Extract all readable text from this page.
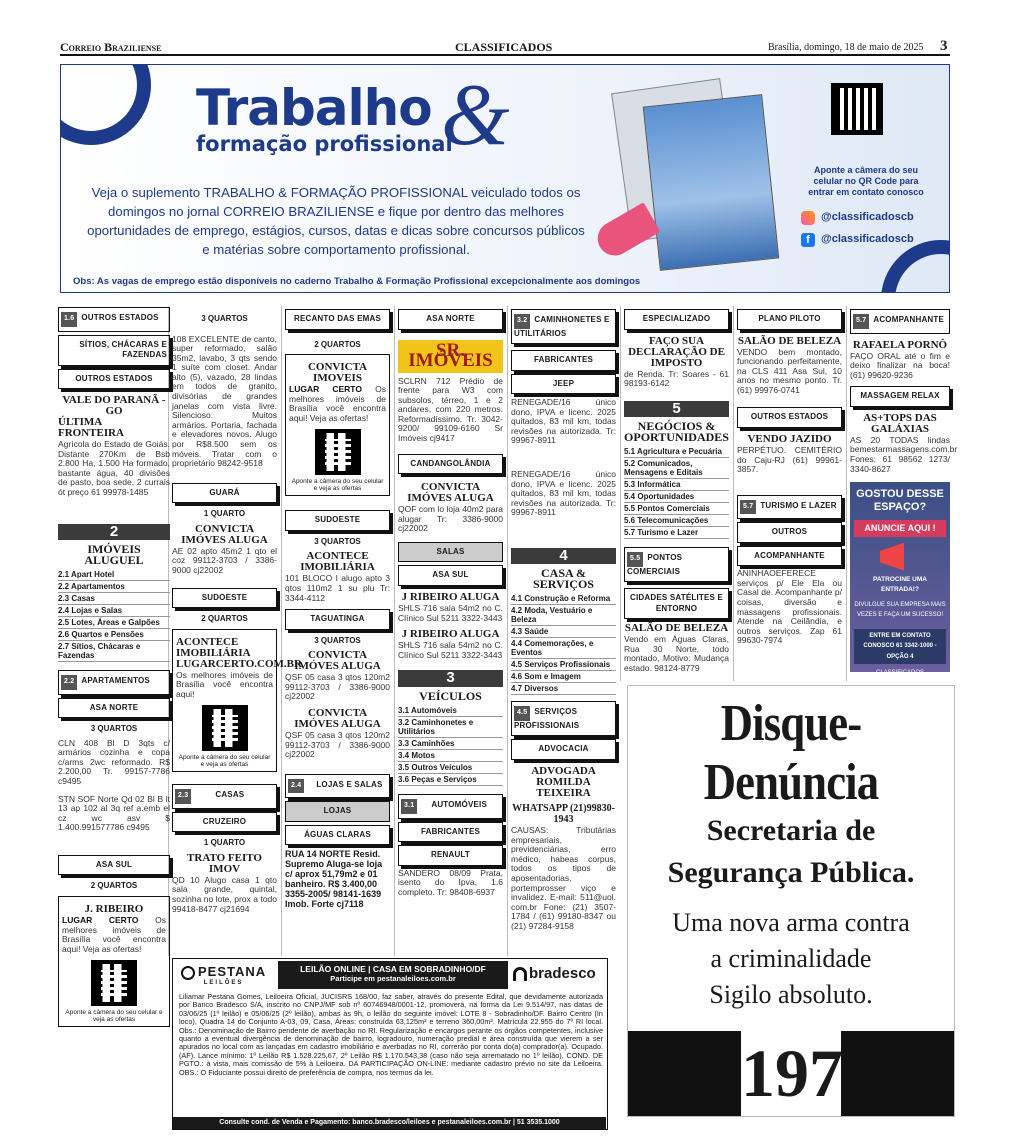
Correio Braziliense	CLASSIFICADOS	Brasília, domingo, 18 de maio de 2025 3
Trabalho &
formação profissional
Veja o suplemento TRABALHO & FORMAÇÃO PROFISSIONAL veiculado todos os domingos no jornal CORREIO BRAZILIENSE e fique por dentro das melhores oportunidades de emprego, estágios, cursos, datas e dicas sobre concursos públicos e matérias sobre comportamento profissional.
Obs: As vagas de emprego estão disponíveis no caderno Trabalho & Formação Profissional excepcionalmente aos domingos
Aponte a câmera do seu celular no QR Code para entrar em contato conosco
@classificadoscb
f	@classificadoscb
1.6 OUTROS ESTADOS
SÍTIOS, CHÁCARAS E FAZENDAS
OUTROS ESTADOS
VALE DO PARANÃ - GO
ÚLTIMA FRONTEIRA
Agrícola do Estado de Goiás. Distante 270Km de Bsb 2.800 Ha, 1.500 Ha formado, bastante água, 40 divisões de pasto, boa sede, 2 currais ót preço 61 99978-1485
2
IMÓVEIS ALUGUEL
2.1 Apart Hotel
2.2 Apartamentos
2.3 Casas
2.4 Lojas e Salas
2.5 Lotes, Áreas e Galpões
2.6 Quartos e Pensões
2.7 Sítios, Chácaras e Fazendas
2.2 APARTAMENTOS
ASA NORTE
3 QUARTOS
CLN 408 Bl D 3qts c/ armários cozinha e copa c/arms 2wc reformado. R$ 2.200,00 Tr. 99157-7786 c9495
STN SOF Norte Qd 02 Bl B lt 13 ap 102 al 3q ref a.emb el cz wc asv $ 1.400.991577786 c9495
ASA SUL
2 QUARTOS
J. RIBEIRO
LUGAR CERTO Os melhores imóveis de Brasília você encontra aqui! Veja as ofertas!
Aponte a câmera do seu celular e veja as ofertas
3 QUARTOS
108 EXCELENTE de canto, super reformado, salão 35m2, lavabo, 3 qts sendo 1 suíte com closet. Andar alto (5), vazado, 28 lindas em todos de granito, divisórias de grandes janelas com vista livre. Silencioso. Muitos armários. Portaria, fachada e elevadores novos. Alugo por R$8.500 sem os móveis. Tratar com o proprietário 98242-9518
GUARÁ
1 QUARTO
CONVICTA IMÓVES ALUGA
AE 02 apto 45m2 1 qto el coz 99112-3703 / 3386-9000 cj22002
SUDOESTE
2 QUARTOS
ACONTECE IMOBILIÁRIA
LUGARCERTO.COM.BR
Os melhores imóveis de Brasília você encontra aqui!
Aponte a câmera do seu celular e veja as ofertas
2.3	CASAS
CRUZEIRO
1 QUARTO
TRATO FEITO IMOV
QD 10 Alugo casa 1 qto sala grande, quintal, sozinha no lote, prox a todo 99418-8477 cj21694
RECANTO DAS EMAS
2 QUARTOS
CONVICTA IMOVEIS
LUGAR CERTO Os melhores imóveis de Brasília você encontra aqui! Veja as ofertas!
Aponte a câmera do seu celular e veja as ofertas
SUDOESTE
3 QUARTOS
ACONTECE IMOBILIÁRIA
101 BLOCO I alugo apto 3 qtos 110m2 1 su plu Tr: 3344-4112
TAGUATINGA
3 QUARTOS
CONVICTA IMÓVES ALUGA
QSF 05 casa 3 qtos 120m2 99112-3703 / 3386-9000 cj22002
CONVICTA IMÓVES ALUGA
QSF 05 casa 3 qtos 120m2 99112-3703 / 3386-9000 cj22002
2.4 LOJAS E SALAS
LOJAS
ÁGUAS CLARAS
RUA 14 NORTE Resid. Supremo Aluga-se loja c/ aprox 51,79m2 e 01 banheiro. R$ 3.400,00 3355-2005/ 98141-1639 Imob. Forte cj7118
ASA NORTE
SR. IMÓVEIS
SCLRN 712 Prédio de frente para W3 com subsolos, térreo, 1 e 2 andares, com 220 metros. Reformadíssimo. Tr. 3042-9200/ 99109-6160 Sr Imóveis cj9417
CANDANGOLÂNDIA
CONVICTA IMÓVES ALUGA
QOF com lo loja 40m2 para alugar Tr: 3386-9000 cj22002
SALAS
ASA SUL
J RIBEIRO ALUGA
SHLS 716 sala 54m2 no C. Clínico Sul 5211 3322-3443
J RIBEIRO ALUGA
SHLS 716 sala 54m2 no C. Clínico Sul 5211 3322-3443
3
VEÍCULOS
3.1 Automóveis
3.2 Caminhonetes e Utilitários
3.3 Caminhões
3.4 Motos
3.5 Outros Veículos
3.6 Peças e Serviços
3.1 AUTOMÓVEIS
FABRICANTES
RENAULT
SANDERO 08/09 Prata, isento do Ipva, 1.6 completo. Tr: 98408-6937
3.2 CAMINHONETES E UTILITÁRIOS
FABRICANTES
JEEP
RENEGADE/16 único dono, IPVA e licenc. 2025 quitados, 83 mil km, todas revisões na autorizada. Tr: 99967-8911
RENEGADE/16 único dono, IPVA e licenc. 2025 quitados, 83 mil km, todas revisões na autorizada. Tr: 99967-8911
4
CASA & SERVIÇOS
4.1 Construção e Reforma
4.2 Moda, Vestuário e Beleza
4.3 Saúde
4.4 Comemorações, e Eventos
4.5 Serviços Profissionais
4.6 Som e Imagem
4.7 Diversos
4.5 SERVIÇOS PROFISSIONAIS
ADVOCACIA
ADVOGADA ROMILDA TEIXEIRA
WHATSAPP (21)99830-1943
CAUSAS: Tributárias empresariais, previdenciárias, erro médico, habeas corpus, todos os tipos de aposentadorias, portemprosser viço e invalidez. E-mail: 511@uol. com.br Fone: (21) 3507-1784 / (61) 99180-8347 ou (21) 97284-9158
ESPECIALIZADO
FAÇO SUA
DECLARAÇÃO DE IMPOSTO
de Renda. Tr: Soares - 61 98193-6142
5
NEGÓCIOS & OPORTUNIDADES
5.1 Agricultura e Pecuária
5.2 Comunicados, Mensagens e Editais
5.3 Informática
5.4 Oportunidades
5.5 Pontos Comerciais
5.6 Telecomunicações
5.7 Turismo e Lazer
5.5 PONTOS COMERCIAIS
CIDADES SATÉLITES E ENTORNO
SALÃO DE BELEZA
Vendo em Águas Claras, Rua 30 Norte, todo montado, Motivo: Mudança estado. 98124-8779
PLANO PILOTO
SALÃO DE BELEZA
VENDO bem montado, funcionando perfeitamente, na CLS 411 Asa Sul, 10 anos no mesmo ponto. Tr. (61) 99976-0741
OUTROS ESTADOS
VENDO JAZIDO
PERPÉTUO. CEMITÉRIO do Caju-RJ (61) 99961-3857.
5.7 TURISMO E LAZER
OUTROS
ACOMPANHANTE
ANINHAOEFERECE serviços p/ Ele Ela ou Casal de. Acompanhante p/ coisas, diversão e massagens profissionais. Atende na Ceilândia, e outros serviços. Zap 61 99630-7974
5.7 ACOMPANHANTE
RAFAELA PORNÔ
FAÇO ORAL até o fim e deixo finalizar na boca! (61) 99620-9236
MASSAGEM RELAX
AS+TOPS DAS GALÁXIAS
AS 20 TODAS lindas bemestarmassagens.com.br Fones: 61 98562 1273/ 3340-8627
GOSTOU DESSE ESPAÇO?
ANUNCIE AQUI !
PATROCINE UMA ENTRADA!?
DIVULGUE SUA EMPRESA MAIS VEZES E FAÇA UM SUCESSO!
ENTRE EM CONTATO CONOSCO 61 3342-1000 - OPÇÃO 4
CLASSIFICADOS
PESTANA
LEILÕES
LEILÃO ONLINE | CASA EM SOBRADINHO/DF
Participe em pestanaleiloes.com.br	bradesco
Liliamar Pestana Gomes, Leiloeira Oficial, JUCISRS 168/00, faz saber, através do presente Edital, que devidamente autorizada por Banco Bradesco S/A, inscrito no CNPJ/MF sob nº 60746948/0001-12, promoverá, na forma da Lei 9.514/97, nas datas de 03/06/25 (1º leilão) e 05/06/25 (2º leilão), ambas às 9h, o leilão do seguinte imóvel: LOTE 8 - Sobradinho/DF. Bairro Centro (In loco), Quadra 14 do Conjunto A-03, 09, Casa, Áreas: construída 63,125m² e terreno 360,00m². Matrícula 22.955 do 7º RI local. Obs.: Denominação de Bairro pendente de averbação no RI. Regularização e encargos perante os órgãos competentes, inclusive quanto a eventual divergência de denominação de bairro, logradouro, numeração predial e área construída que vierem a ser apurados no local com as lançadas em cadastro imobiliário e averbadas no RI, correrão por conta do(a) comprador(a). Ocupado. (AF). Lance mínimo: 1º Leilão R$ 1.528.225,67, 2º Leilão R$ 1.170.543,38 (caso não seja arrematado no 1º leilão). COND. DE PGTO.: à vista, mais comissão de 5% à Leiloeira. DA PARTICIPAÇÃO ON-LINE: mediante cadastro prévio no site da Leiloeira. OBS.: O Fiduciante possui direito de preferência de compra, nos termos da lei.
Consulte cond. de Venda e Pagamento: banco.bradesco/leiloes e pestanaleiloes.com.br | 51 3535.1000
Disque-Denúncia
Secretaria de
Segurança Pública.
Uma nova arma contra
a criminalidade
Sigilo absoluto.
197
